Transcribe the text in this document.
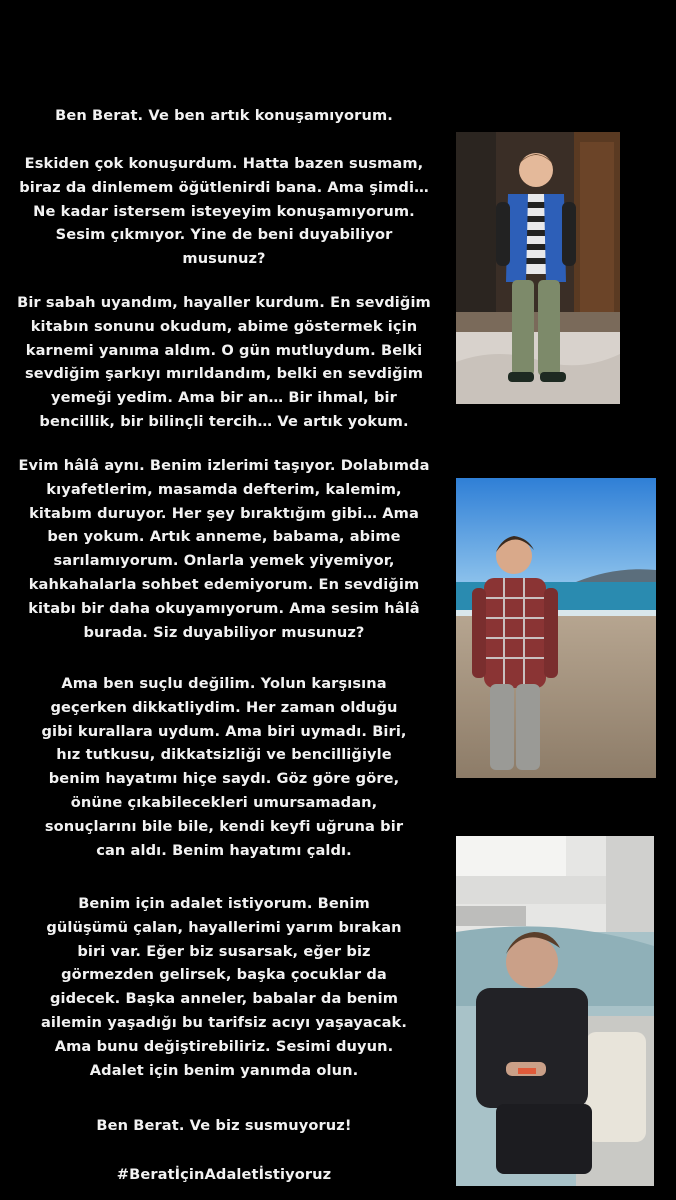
Ben Berat. Ve ben artık konuşamıyorum.
Eskiden çok konuşurdum. Hatta bazen susmam,
biraz da dinlemem öğütlenirdi bana. Ama şimdi…
Ne kadar istersem isteyeyim konuşamıyorum.
Sesim çıkmıyor. Yine de beni duyabiliyor
musunuz?
Bir sabah uyandım, hayaller kurdum. En sevdiğim
kitabın sonunu okudum, abime göstermek için
karnemi yanıma aldım. O gün mutluydum. Belki
sevdiğim şarkıyı mırıldandım, belki en sevdiğim
yemeği yedim. Ama bir an… Bir ihmal, bir
bencillik, bir bilinçli tercih… Ve artık yokum.
Evim hâlâ aynı. Benim izlerimi taşıyor. Dolabımda
kıyafetlerim, masamda defterim, kalemim,
kitabım duruyor. Her şey bıraktığım gibi… Ama
ben yokum. Artık anneme, babama, abime
sarılamıyorum. Onlarla yemek yiyemiyor,
kahkahalarla sohbet edemiyorum. En sevdiğim
kitabı bir daha okuyamıyorum. Ama sesim hâlâ
burada. Siz duyabiliyor musunuz?
Ama ben suçlu değilim. Yolun karşısına
geçerken dikkatliydim. Her zaman olduğu
gibi kurallara uydum. Ama biri uymadı. Biri,
hız tutkusu, dikkatsizliği ve bencilliğiyle
benim hayatımı hiçe saydı. Göz göre göre,
önüne çıkabilecekleri umursamadan,
sonuçlarını bile bile, kendi keyfi uğruna bir
can aldı. Benim hayatımı çaldı.
Benim için adalet istiyorum. Benim
gülüşümü çalan, hayallerimi yarım bırakan
biri var. Eğer biz susarsak, eğer biz
görmezden gelirsek, başka çocuklar da
gidecek. Başka anneler, babalar da benim
ailemin yaşadığı bu tarifsiz acıyı yaşayacak.
Ama bunu değiştirebiliriz. Sesimi duyun.
Adalet için benim yanımda olun.
Ben Berat. Ve biz susmuyoruz!
#BeratİçinAdaletİstiyoruz
